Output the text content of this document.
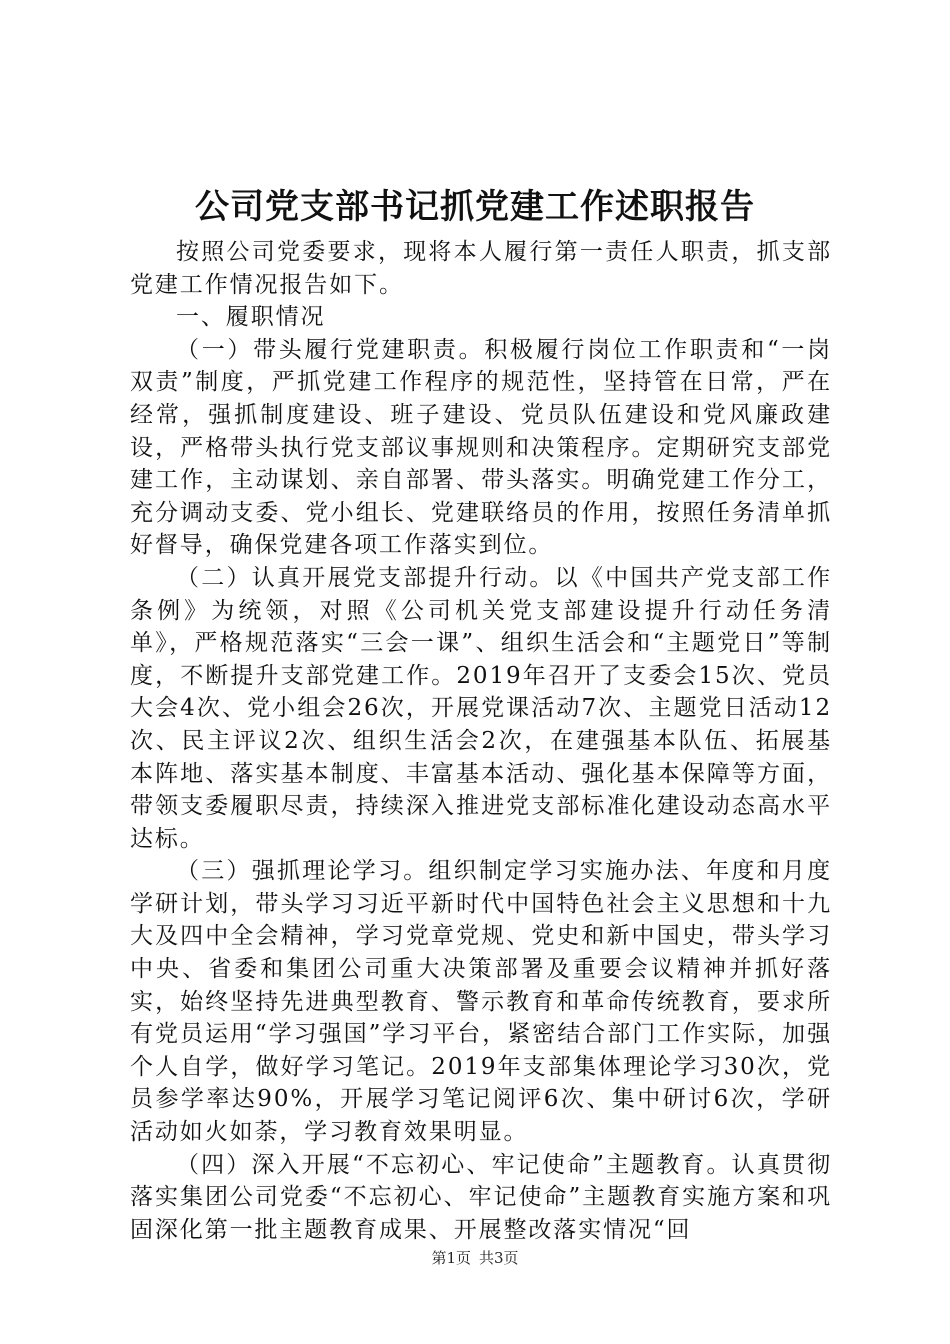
公司党支部书记抓党建工作述职报告

按照公司党委要求，现将本人履行第一责任人职责，抓支部党建工作情况报告如下。

一、履职情况

（一）带头履行党建职责。积极履行岗位工作职责和“一岗双责”制度，严抓党建工作程序的规范性，坚持管在日常，严在经常，强抓制度建设、班子建设、党员队伍建设和党风廉政建设，严格带头执行党支部议事规则和决策程序。定期研究支部党建工作，主动谋划、亲自部署、带头落实。明确党建工作分工，充分调动支委、党小组长、党建联络员的作用，按照任务清单抓好督导，确保党建各项工作落实到位。

（二）认真开展党支部提升行动。以《中国共产党支部工作条例》为统领，对照《公司机关党支部建设提升行动任务清单》，严格规范落实“三会一课”、组织生活会和“主题党日”等制度，不断提升支部党建工作。2019年召开了支委会15次、党员大会4次、党小组会26次，开展党课活动7次、主题党日活动12次、民主评议2次、组织生活会2次，在建强基本队伍、拓展基本阵地、落实基本制度、丰富基本活动、强化基本保障等方面，带领支委履职尽责，持续深入推进党支部标准化建设动态高水平达标。

（三）强抓理论学习。组织制定学习实施办法、年度和月度学研计划，带头学习习近平新时代中国特色社会主义思想和十九大及四中全会精神，学习党章党规、党史和新中国史，带头学习中央、省委和集团公司重大决策部署及重要会议精神并抓好落实，始终坚持先进典型教育、警示教育和革命传统教育，要求所有党员运用“学习强国”学习平台，紧密结合部门工作实际，加强个人自学，做好学习笔记。2019年支部集体理论学习30次，党员参学率达90%，开展学习笔记阅评6次、集中研讨6次，学研活动如火如荼，学习教育效果明显。

（四）深入开展“不忘初心、牢记使命”主题教育。认真贯彻落实集团公司党委“不忘初心、牢记使命”主题教育实施方案和巩固深化第一批主题教育成果、开展整改落实情况“回

第1页 共3页
